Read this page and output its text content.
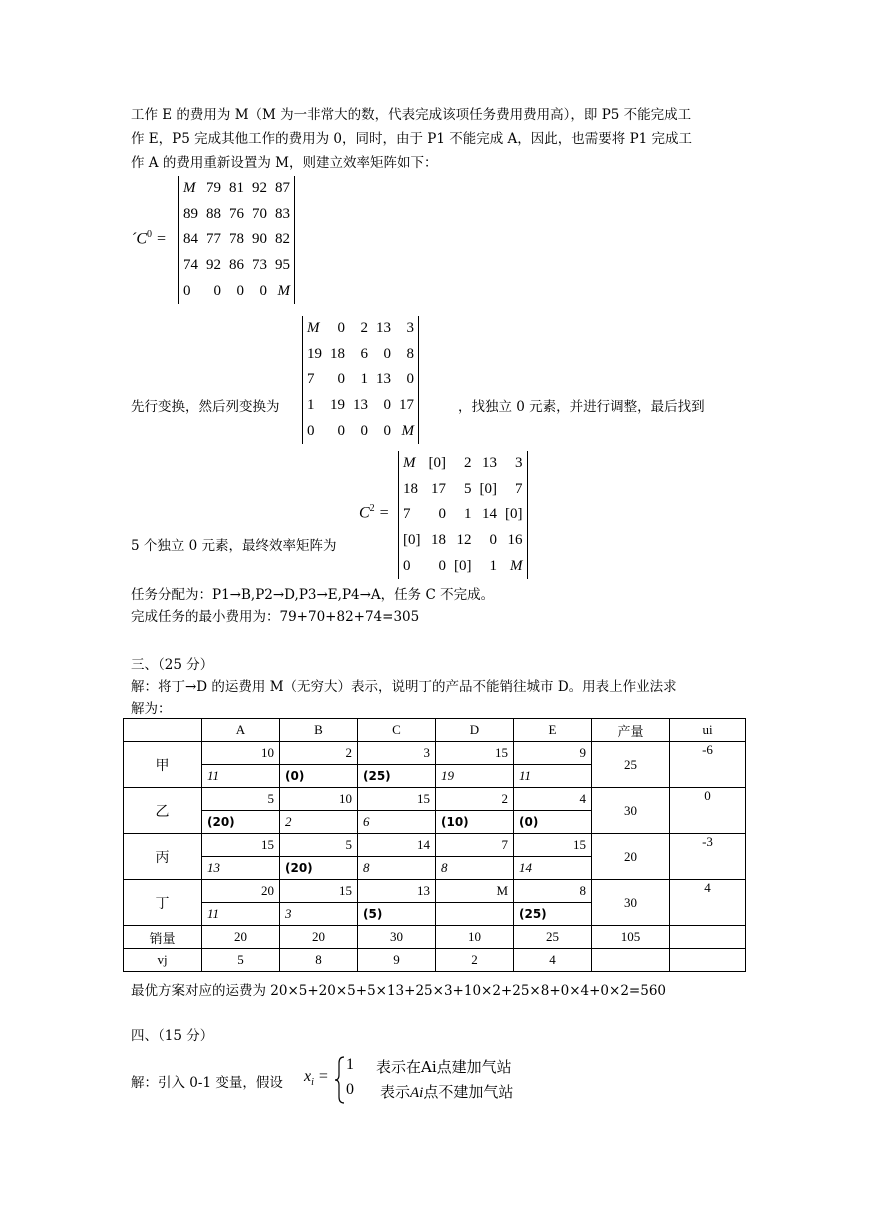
工作 E 的费用为 M（M 为一非常大的数，代表完成该项任务费用费用高），即 P5 不能完成工
作 E，P5 完成其他工作的费用为 0，同时，由于 P1 不能完成 A，因此，也需要将 P1 完成工
作 A 的费用重新设置为 M，则建立效率矩阵如下：
$´C^0$ =
M	79	81	92	87
89	88	76	70	83
84	77	78	90	82
74	92	86	73	95
0	0	0	0	M
先行变换，然后列变换为
M	0	2	13	3
19	18	6	0	8
7	0	1	13	0
1	19	13	0	17
0	0	0	0	M
，找独立 0 元素，并进行调整，最后找到
$C^2$ =
5 个独立 0 元素，最终效率矩阵为
M	[0]	2	13	3
18	17	5	[0]	7
7	0	1	14	[0]
[0]	18	12	0	16
0	0	[0]	1	M
任务分配为：P1→B,P2→D,P3→E,P4→A，任务 C 不完成。
完成任务的最小费用为：79+70+82+74=305
三、（25 分）
解：将丁→D 的运费用 M（无穷大）表示，说明丁的产品不能销往城市 D。用表上作业法求
解为：
	A	B	C	D	E	产量	ui
甲	10	2	3	15	9	25	-6
	11	(0)	(25)	19	11		
乙	5	10	15	2	4	30	0
	(20)	2	6	(10)	(0)		
丙	15	5	14	7	15	20	-3
	13	(20)	8	8	14		
丁	20	15	13	M	8	30	4
	11	3	(5)		(25)		
销量	20	20	30	10	25	105	
vj	5	8	9	2	4		
最优方案对应的运费为 20×5+20×5+5×13+25×3+10×2+25×8+0×4+0×2=560
四、（15 分）
解：引入 0-1 变量，假设 $x_i$ =
1 表示在Ai点建加气站
0 表示Ai点不建加气站
